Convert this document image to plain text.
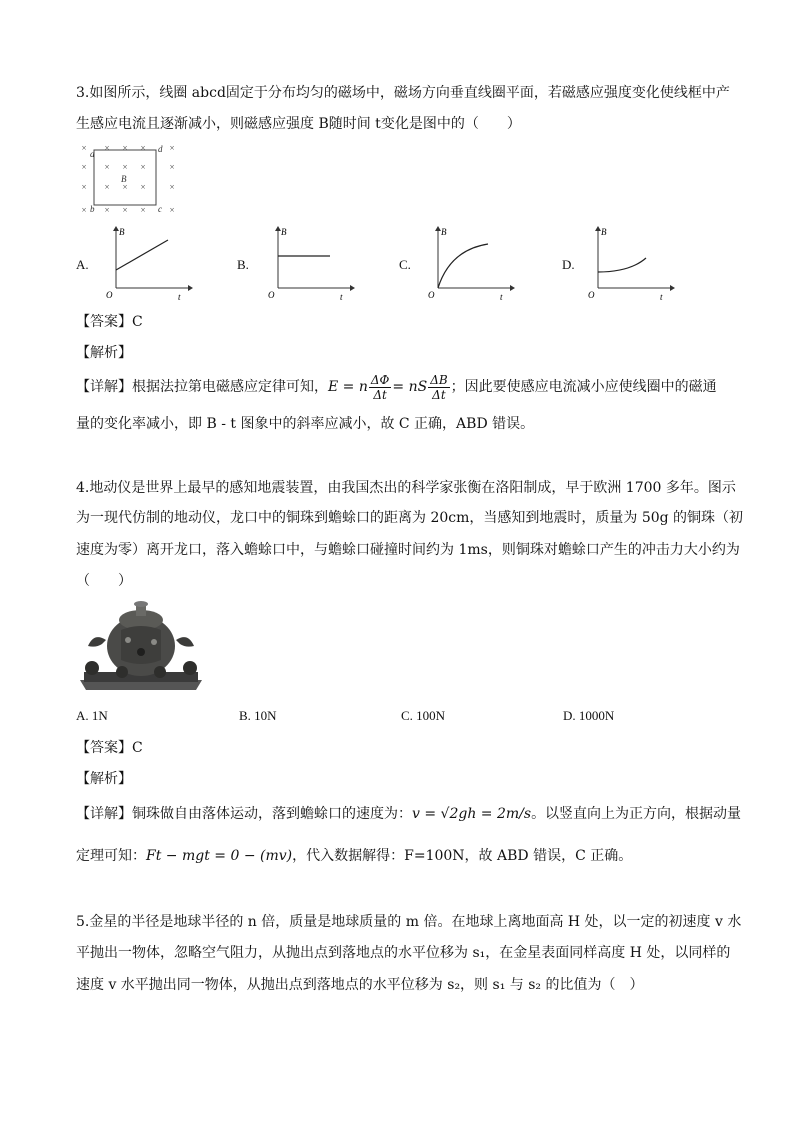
3.如图所示，线圈 abcd固定于分布均匀的磁场中，磁场方向垂直线圈平面，若磁感应强度变化使线框中产
生感应电流且逐渐减小，则磁感应强度 B随时间 t变化是图中的（　　）
× × × ×	×
× × × ×	×
× × × ×	×
× × × ×	×
a	d
b	c
B
A.
B
t
O
B.
B
t
O
C.
B
t
O
D.
B
t
O
【答案】C
【解析】
【详解】根据法拉第电磁感应定律可知，E = n $\frac{\Delta\Phi}{\Delta t}$ = nS $\frac{\Delta B}{\Delta t}$ ；因此要使感应电流减小应使线圈中的磁通
量的变化率减小，即 B - t 图象中的斜率应减小，故 C 正确，ABD 错误。
4.地动仪是世界上最早的感知地震装置，由我国杰出的科学家张衡在洛阳制成，早于欧洲 1700 多年。图示
为一现代仿制的地动仪，龙口中的铜珠到蟾蜍口的距离为 20cm，当感知到地震时，质量为 50g 的铜珠（初
速度为零）离开龙口，落入蟾蜍口中，与蟾蜍口碰撞时间约为 1ms，则铜珠对蟾蜍口产生的冲击力大小约为
（　　）
A. 1N	B. 10N	C. 100N	D. 1000N
【答案】C
【解析】
【详解】铜珠做自由落体运动，落到蟾蜍口的速度为：v = √2gh = 2m/s。以竖直向上为正方向，根据动量
定理可知：Ft − mgt = 0 − (mv)，代入数据解得：F=100N，故 ABD 错误，C 正确。
5.金星的半径是地球半径的 n 倍，质量是地球质量的 m 倍。在地球上离地面高 H 处，以一定的初速度 v 水
平抛出一物体，忽略空气阻力，从抛出点到落地点的水平位移为 s₁，在金星表面同样高度 H 处，以同样的
速度 v 水平抛出同一物体，从抛出点到落地点的水平位移为 s₂，则 s₁ 与 s₂ 的比值为（　）
